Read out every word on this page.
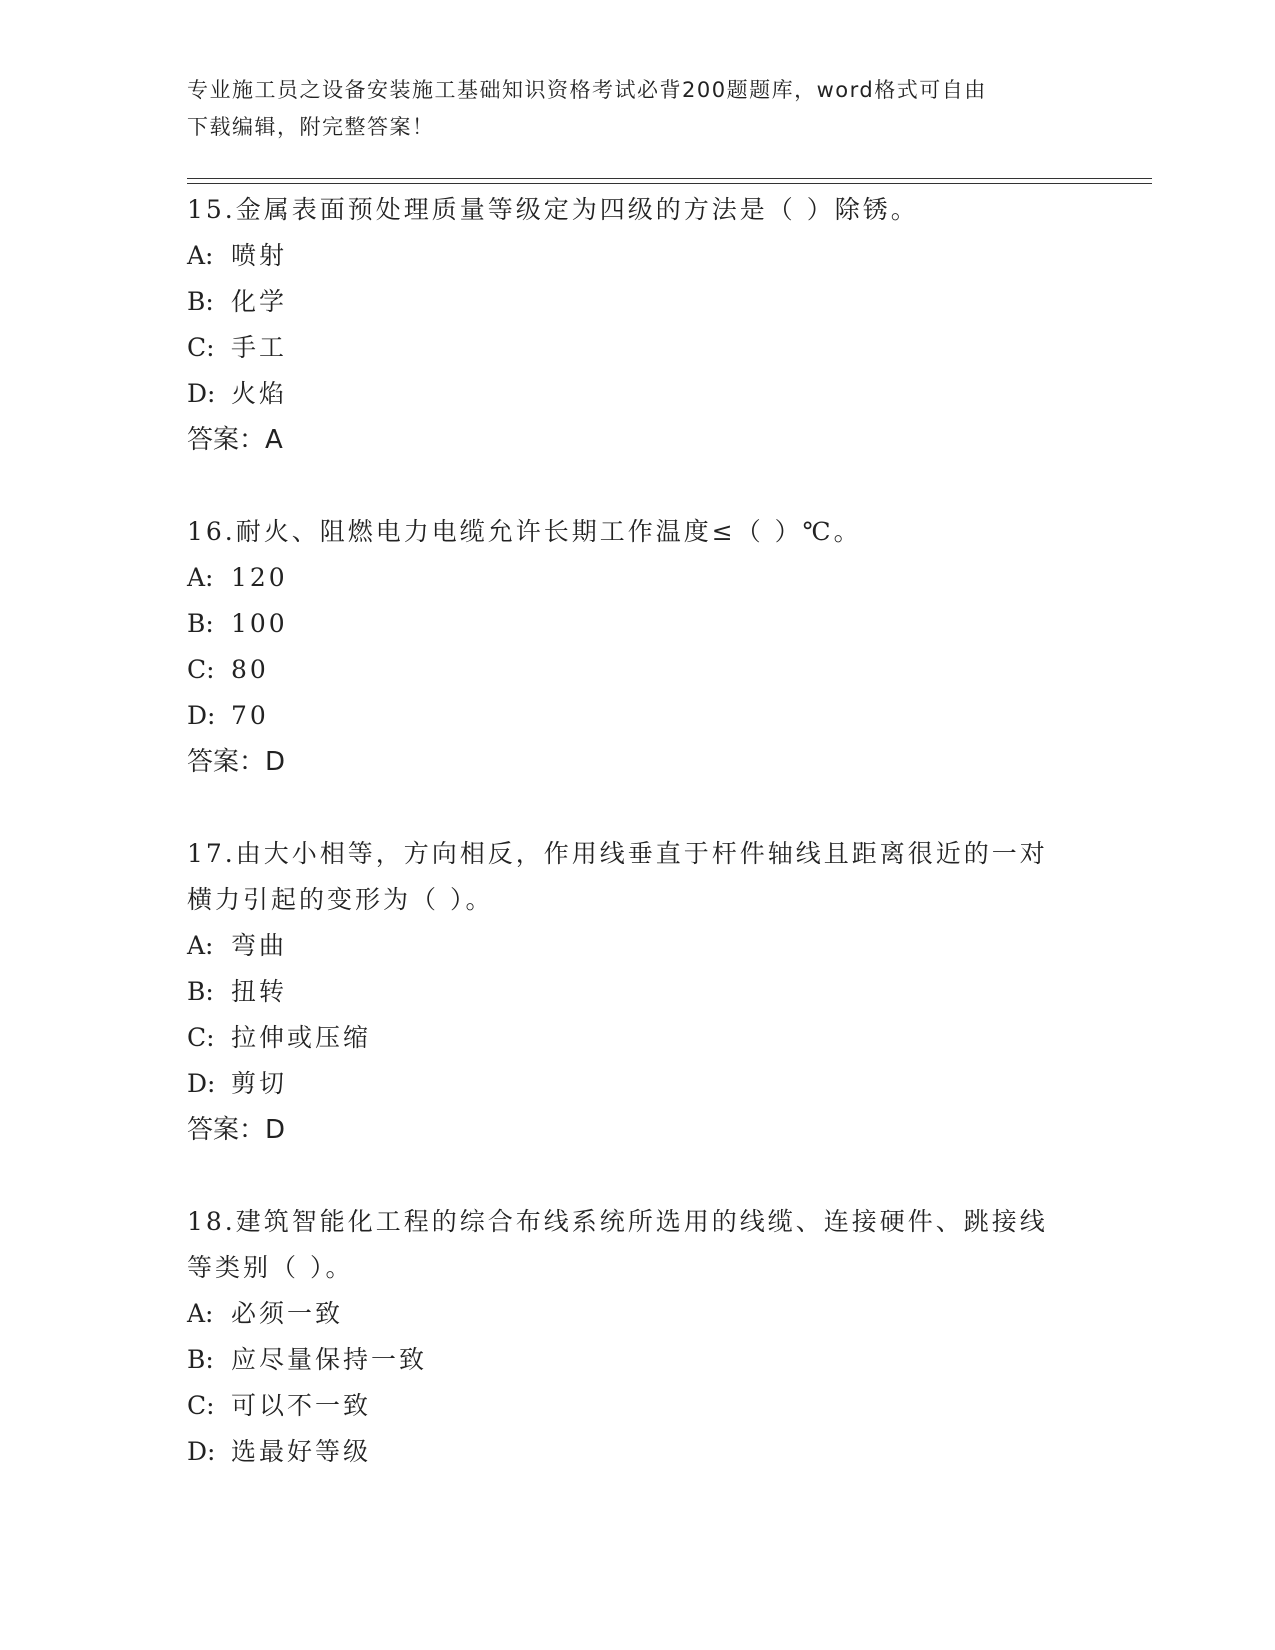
专业施工员之设备安装施工基础知识资格考试必背200题题库，word格式可自由
下载编辑，附完整答案！

15.金属表面预处理质量等级定为四级的方法是（ ）除锈。

A: 喷射

B: 化学

C: 手工

D: 火焰

答案：A

16.耐火、阻燃电力电缆允许长期工作温度≤（ ）℃。

A: 120

B: 100

C: 80

D: 70

答案：D

17.由大小相等，方向相反，作用线垂直于杆件轴线且距离很近的一对

横力引起的变形为（ ）。

A: 弯曲

B: 扭转

C: 拉伸或压缩

D: 剪切

答案：D

18.建筑智能化工程的综合布线系统所选用的线缆、连接硬件、跳接线

等类别（ ）。

A: 必须一致

B: 应尽量保持一致

C: 可以不一致

D: 选最好等级
